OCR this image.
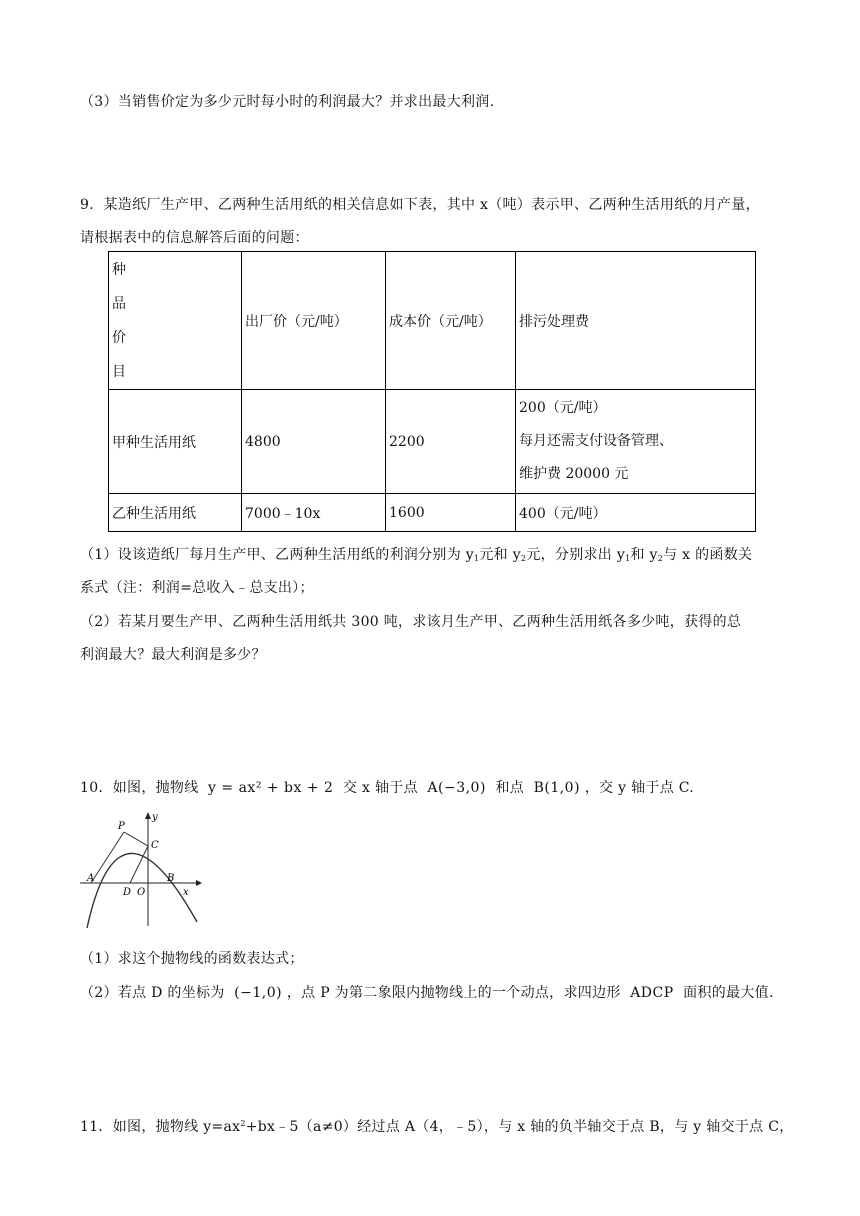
（3）当销售价定为多少元时每小时的利润最大？并求出最大利润.
9．某造纸厂生产甲、乙两种生活用纸的相关信息如下表，其中 x（吨）表示甲、乙两种生活用纸的月产量，
请根据表中的信息解答后面的问题：
种
品
价
目	出厂价（元/吨）	成本价（元/吨）	排污处理费
甲种生活用纸	4800	2200	200（元/吨）
每月还需支付设备管理、
维护费 20000 元

乙种生活用纸	7000﹣10x	1600	400（元/吨）
（1）设该造纸厂每月生产甲、乙两种生活用纸的利润分别为 $y_1$元和 $y_2$元，分别求出 $y_1$和 $y_2$与 x 的函数关
系式（注：利润=总收入﹣总支出）；
（2）若某月要生产甲、乙两种生活用纸共 300 吨，求该月生产甲、乙两种生活用纸各多少吨，获得的总
利润最大？最大利润是多少？
10．如图，抛物线 y = ax² + bx + 2 交 x 轴于点 A(−3,0) 和点 B(1,0) ，交 y 轴于点 C.
y
P
C
A
D O
B
x
（1）求这个抛物线的函数表达式；
（2）若点 D 的坐标为 (−1,0) ，点 P 为第二象限内抛物线上的一个动点，求四边形 ADCP 面积的最大值.
11．如图，抛物线 $y=ax^2+bx﹣5(a\ne 0)$经过点 A（4，﹣5），与 x 轴的负半轴交于点 B，与 y 轴交于点 C，
